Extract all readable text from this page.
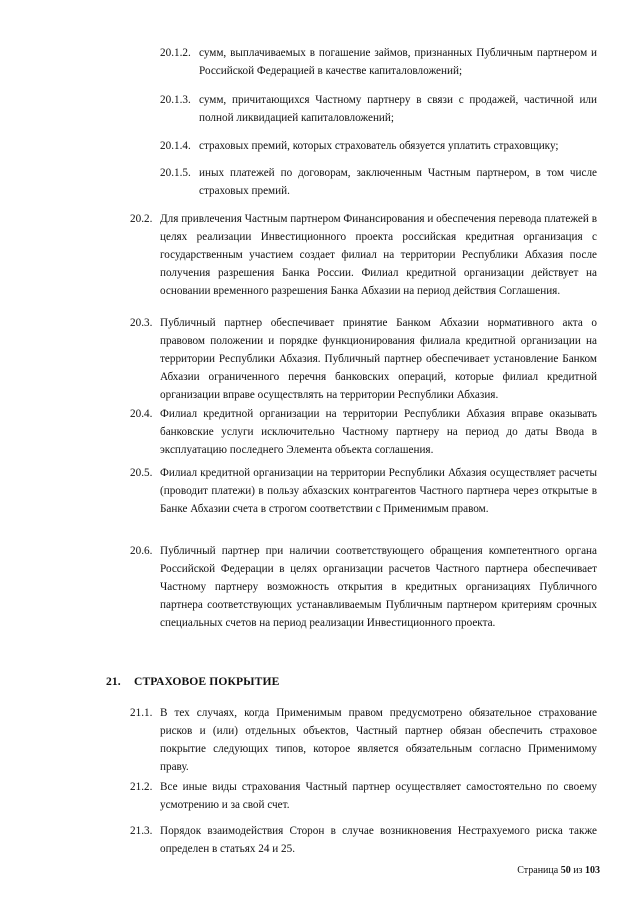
20.1.2. сумм, выплачиваемых в погашение займов, признанных Публичным партнером и Российской Федерацией в качестве капиталовложений;
20.1.3. сумм, причитающихся Частному партнеру в связи с продажей, частичной или полной ликвидацией капиталовложений;
20.1.4. страховых премий, которых страхователь обязуется уплатить страховщику;
20.1.5. иных платежей по договорам, заключенным Частным партнером, в том числе страховых премий.
20.2. Для привлечения Частным партнером Финансирования и обеспечения перевода платежей в целях реализации Инвестиционного проекта российская кредитная организация с государственным участием создает филиал на территории Республики Абхазия после получения разрешения Банка России. Филиал кредитной организации действует на основании временного разрешения Банка Абхазии на период действия Соглашения.
20.3. Публичный партнер обеспечивает принятие Банком Абхазии нормативного акта о правовом положении и порядке функционирования филиала кредитной организации на территории Республики Абхазия. Публичный партнер обеспечивает установление Банком Абхазии ограниченного перечня банковских операций, которые филиал кредитной организации вправе осуществлять на территории Республики Абхазия.
20.4. Филиал кредитной организации на территории Республики Абхазия вправе оказывать банковские услуги исключительно Частному партнеру на период до даты Ввода в эксплуатацию последнего Элемента объекта соглашения.
20.5. Филиал кредитной организации на территории Республики Абхазия осуществляет расчеты (проводит платежи) в пользу абхазских контрагентов Частного партнера через открытые в Банке Абхазии счета в строгом соответствии с Применимым правом.
20.6. Публичный партнер при наличии соответствующего обращения компетентного органа Российской Федерации в целях организации расчетов Частного партнера обеспечивает Частному партнеру возможность открытия в кредитных организациях Публичного партнера соответствующих устанавливаемым Публичным партнером критериям срочных специальных счетов на период реализации Инвестиционного проекта.
21. СТРАХОВОЕ ПОКРЫТИЕ
21.1. В тех случаях, когда Применимым правом предусмотрено обязательное страхование рисков и (или) отдельных объектов, Частный партнер обязан обеспечить страховое покрытие следующих типов, которое является обязательным согласно Применимому праву.
21.2. Все иные виды страхования Частный партнер осуществляет самостоятельно по своему усмотрению и за свой счет.
21.3. Порядок взаимодействия Сторон в случае возникновения Нестрахуемого риска также определен в статьях 24 и 25.
Страница 50 из 103
